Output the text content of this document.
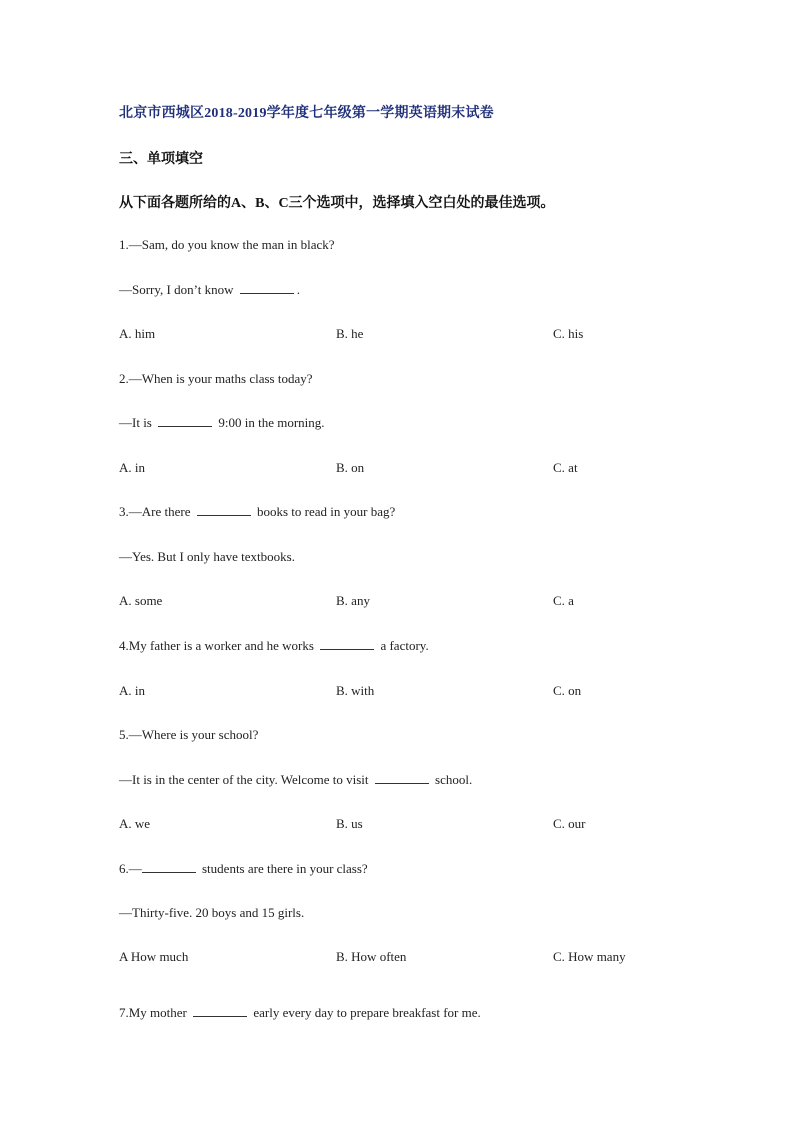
北京市西城区2018-2019学年度七年级第一学期英语期末试卷
三、单项填空
从下面各题所给的A、B、C三个选项中，选择填入空白处的最佳选项。
1.—Sam, do you know the man in black?
—Sorry, I don’t know	.
A. him	B. he	C. his
2.—When is your maths class today?
—It is	9:00 in the morning.
A. in	B. on	C. at
3.—Are there	books to read in your bag?
—Yes. But I only have textbooks.
A. some	B. any	C. a
4.My father is a worker and he works	a factory.
A. in	B. with	C. on
5.—Where is your school?
—It is in the center of the city. Welcome to visit	school.
A. we	B. us	C. our
6.—	students are there in your class?
—Thirty-five. 20 boys and 15 girls.
A How much	B. How often	C. How many
7.My mother	early every day to prepare breakfast for me.
